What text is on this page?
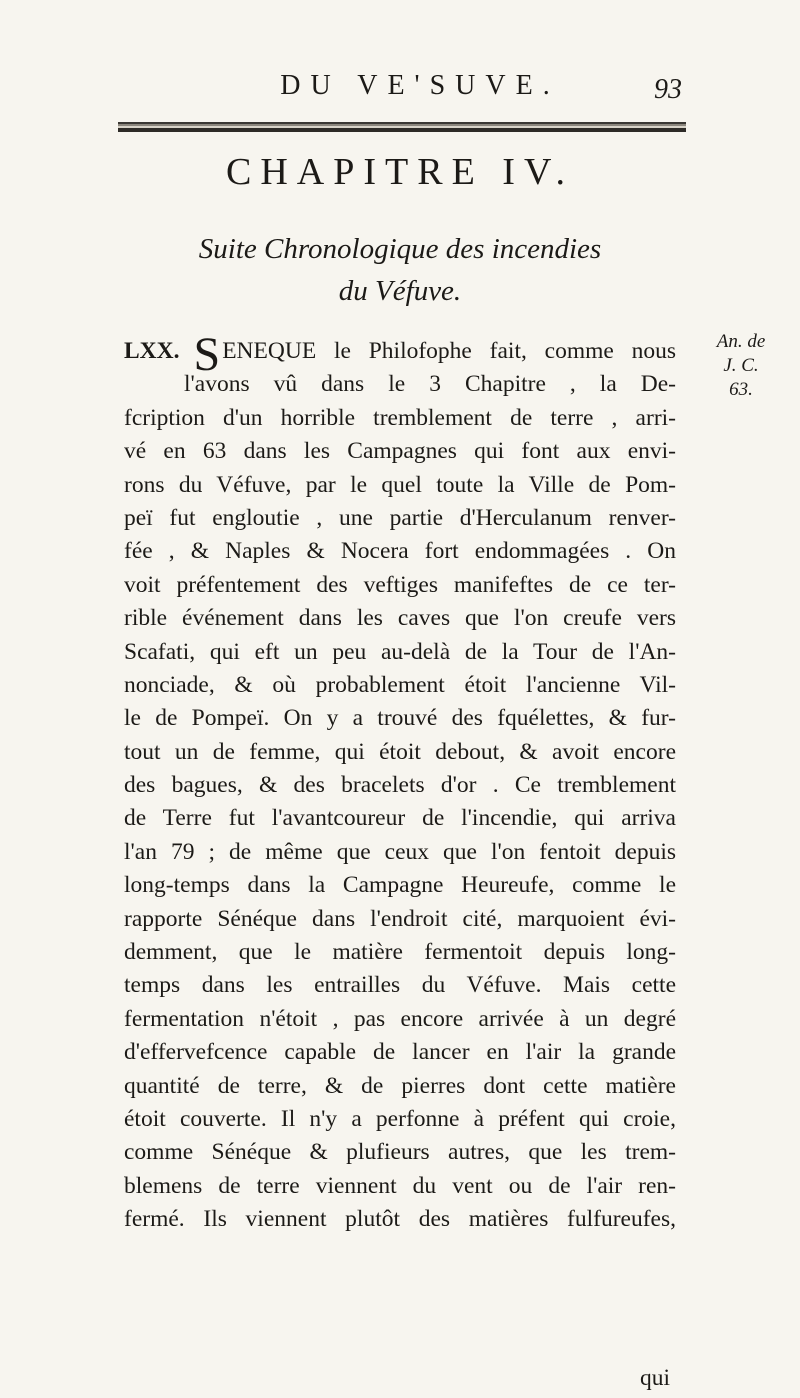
DU VE'SUVE.	93
CHAPITRE IV.
Suite Chronologique des incendies
du Véfuve.
An. de
J. C.
63.
LXX. SENEQUE le Philofophe fait, comme nous
l'avons vû dans le 3 Chapitre , la De-
fcription d'un horrible tremblement de terre , arri-
vé en 63 dans les Campagnes qui font aux envi-
rons du Véfuve, par le quel toute la Ville de Pom-
peï fut engloutie , une partie d'Herculanum renver-
fée , & Naples & Nocera fort endommagées . On
voit préfentement des veftiges manifeftes de ce ter-
rible événement dans les caves que l'on creufe vers
Scafati, qui eft un peu au-delà de la Tour de l'An-
nonciade, & où probablement étoit l'ancienne Vil-
le de Pompeï. On y a trouvé des fquélettes, & fur-
tout un de femme, qui étoit debout, & avoit encore
des bagues, & des bracelets d'or . Ce tremblement
de Terre fut l'avantcoureur de l'incendie, qui arriva
l'an 79 ; de même que ceux que l'on fentoit depuis
long-temps dans la Campagne Heureufe, comme le
rapporte Sénéque dans l'endroit cité, marquoient évi-
demment, que le matière fermentoit depuis long-
temps dans les entrailles du Véfuve. Mais cette
fermentation n'étoit , pas encore arrivée à un degré
d'effervefcence capable de lancer en l'air la grande
quantité de terre, & de pierres dont cette matière
étoit couverte. Il n'y a perfonne à préfent qui croie,
comme Sénéque & plufieurs autres, que les trem-
blemens de terre viennent du vent ou de l'air ren-
fermé. Ils viennent plutôt des matières fulfureufes,
qui
